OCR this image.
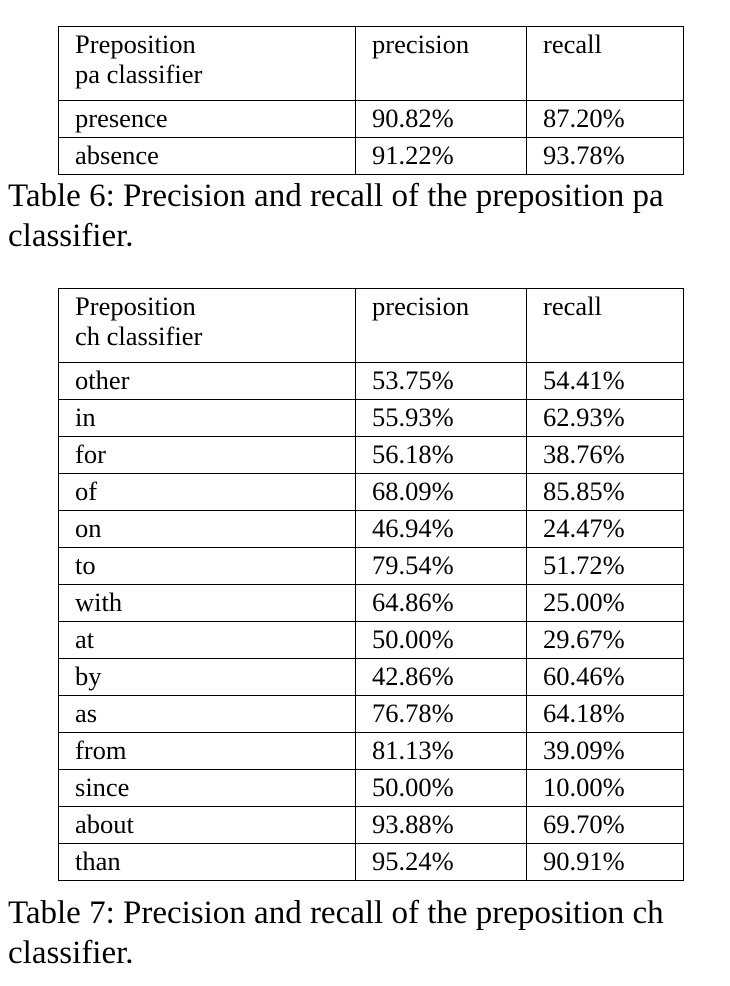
Preposition
pa classifier	precision	recall
presence	90.82%	87.20%
absence	91.22%	93.78%

Table 6: Precision and recall of the preposition pa classifier.

Preposition
ch classifier	precision	recall
other	53.75%	54.41%
in	55.93%	62.93%
for	56.18%	38.76%
of	68.09%	85.85%
on	46.94%	24.47%
to	79.54%	51.72%
with	64.86%	25.00%
at	50.00%	29.67%
by	42.86%	60.46%
as	76.78%	64.18%
from	81.13%	39.09%
since	50.00%	10.00%
about	93.88%	69.70%
than	95.24%	90.91%

Table 7: Precision and recall of the preposition ch classifier.
